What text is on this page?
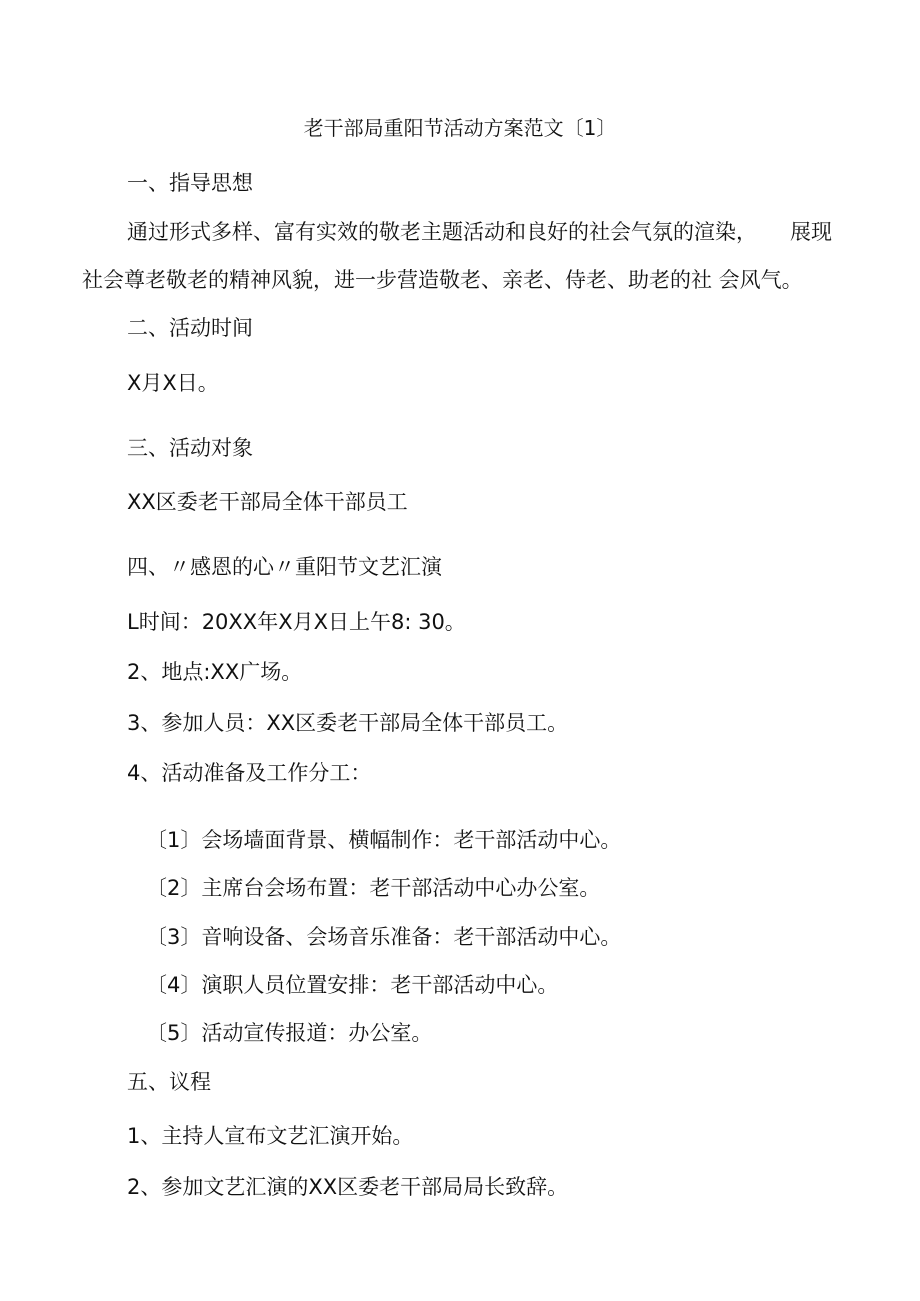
老干部局重阳节活动方案范文〔1〕
一、指导思想
通过形式多样、富有实效的敬老主题活动和良好的社会气氛的渲染， 展现
社会尊老敬老的精神风貌，进一步营造敬老、亲老、侍老、助老的社 会风气。
二、活动时间
X月X日。
三、活动对象
XX区委老干部局全体干部员工
四、〃感恩的心〃重阳节文艺汇演
L时间：20XX年X月X日上午8: 30。
2、地点:XX广场。
3、参加人员：XX区委老干部局全体干部员工。
4、活动准备及工作分工：
〔1〕会场墙面背景、横幅制作：老干部活动中心。
〔2〕主席台会场布置：老干部活动中心办公室。
〔3〕音响设备、会场音乐准备：老干部活动中心。
〔4〕演职人员位置安排：老干部活动中心。
〔5〕活动宣传报道：办公室。
五、议程
1、主持人宣布文艺汇演开始。
2、参加文艺汇演的XX区委老干部局局长致辞。
